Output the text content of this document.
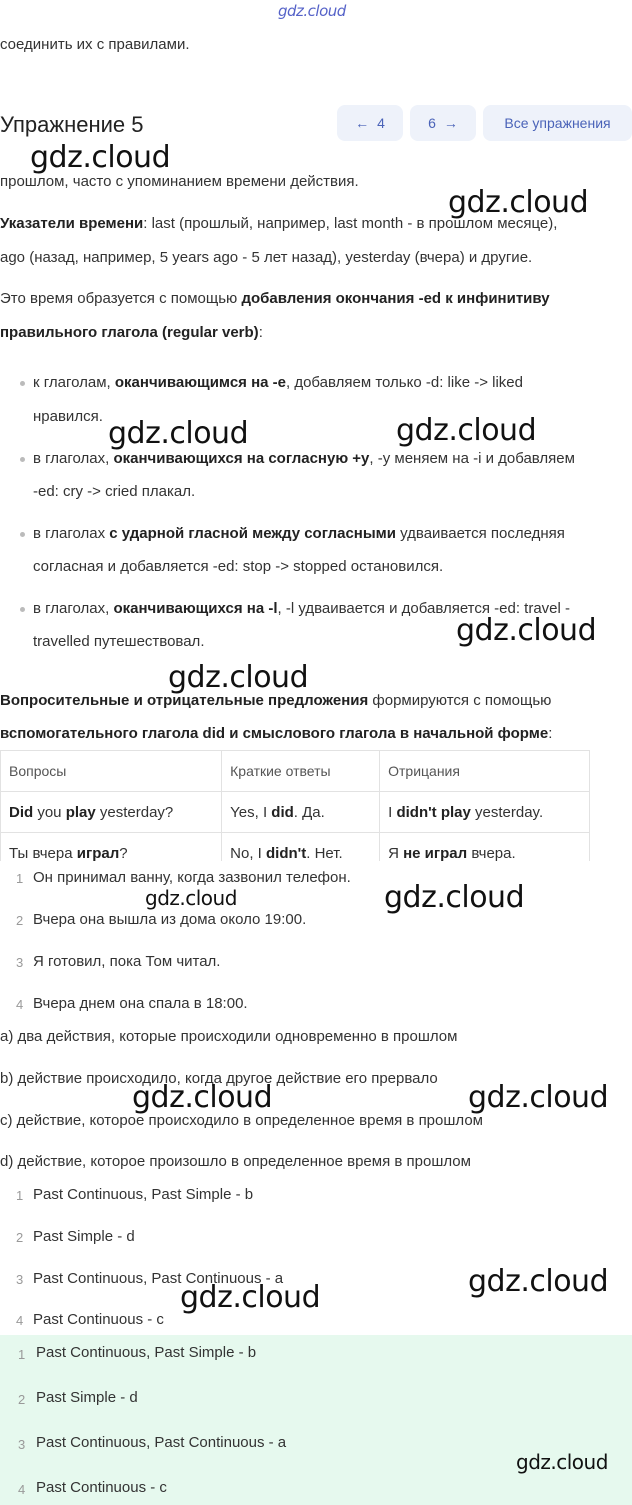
gdz.cloud
соединить их с правилами.
Упражнение 5	← 4	6 →	Все упражнения
gdz.cloud
прошлом, часто с упоминанием времени действия.
gdz.cloud
Указатели времени: last (прошлый, например, last month - в прошлом месяце),
ago (назад, например, 5 years ago - 5 лет назад), yesterday (вчера) и другие.
Это время образуется с помощью добавления окончания -ed к инфинитиву
правильного глагола (regular verb):
к глаголам, оканчивающимся на -e, добавляем только -d: like -> liked
нравился. gdz.cloud	gdz.cloud
в глаголах, оканчивающихся на согласную +y, -y меняем на -i и добавляем
-ed: cry -> cried плакал.
в глаголах с ударной гласной между согласными удваивается последняя
согласная и добавляется -ed: stop -> stopped остановился.
в глаголах, оканчивающихся на -l, -l удваивается и добавляется -ed: travel -
travelled путешествовал.	gdz.cloud
gdz.cloud
Вопросительные и отрицательные предложения формируются с помощью
вспомогательного глагола did и смыслового глагола в начальной форме:
Вопросы	Краткие ответы	Отрицания
Did you play yesterday?	Yes, I did. Да.	I didn't play yesterday.
Ты вчера играл?	No, I didn't. Нет.	Я не играл вчера.
1 Он принимал ванну, когда зазвонил телефон.
gdz.cloud	gdz.cloud
2 Вчера она вышла из дома около 19:00.
3 Я готовил, пока Том читал.
4 Вчера днем она спала в 18:00.
a) два действия, которые происходили одновременно в прошлом
b) действие происходило, когда другое действие его прервало
c) действие, которое происходило в определенное время в прошлом
gdz.cloud	gdz.cloud
d) действие, которое произошло в определенное время в прошлом
1 Past Continuous, Past Simple - b
2 Past Simple - d
3 Past Continuous, Past Continuous - a	gdz.cloud
4 Past Continuous - c
gdz.cloud
1 Past Continuous, Past Simple - b
2 Past Simple - d
3 Past Continuous, Past Continuous - a
gdz.cloud
4 Past Continuous - c
